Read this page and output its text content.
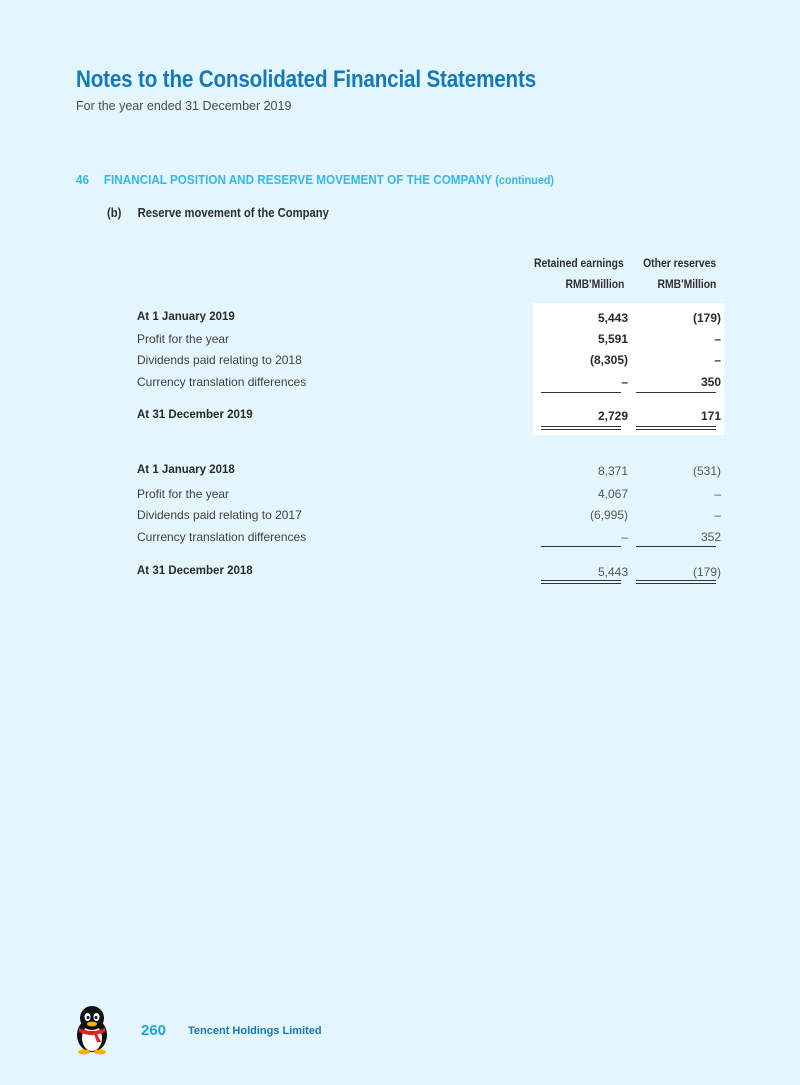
Notes to the Consolidated Financial Statements
For the year ended 31 December 2019
46 FINANCIAL POSITION AND RESERVE MOVEMENT OF THE COMPANY (continued)
(b) Reserve movement of the Company
Retained earnings Other reserves
RMB'Million	RMB'Million
At 1 January 2019	5,443	(179)
Profit for the year	5,591	–
Dividends paid relating to 2018	(8,305)	–
Currency translation differences	–	350
At 31 December 2019	2,729	171
At 1 January 2018	8,371	(531)
Profit for the year	4,067	–
Dividends paid relating to 2017	(6,995)	–
Currency translation differences	–	352
At 31 December 2018	5,443	(179)
260 Tencent Holdings Limited
